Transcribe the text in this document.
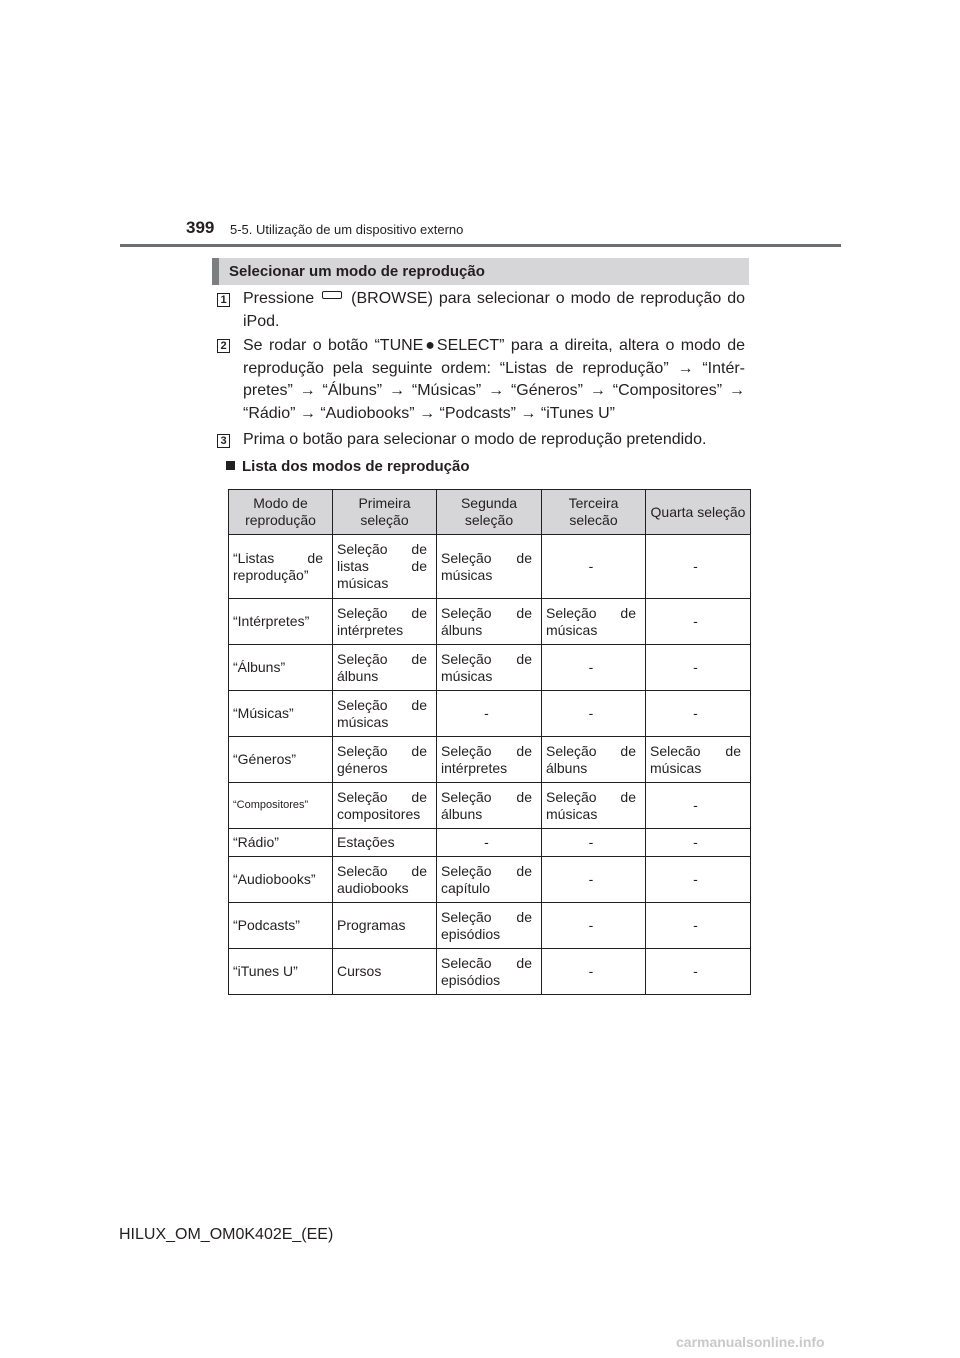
399 5-5. Utilização de um dispositivo externo
Selecionar um modo de reprodução
1 Pressione (BROWSE) para selecionar o modo de reprodução do iPod.
2 Se rodar o botão “TUNE●SELECT” para a direita, altera o modo de reprodução pela seguinte ordem: “Listas de reprodução” → “Intér-pretes” → “Álbuns” → “Músicas” → “Géneros” → “Compositores” → “Rádio” → “Audiobooks” → “Podcasts” → “iTunes U”
3 Prima o botão para selecionar o modo de reprodução pretendido.
Lista dos modos de reprodução
Modo de reprodução	Primeira seleção	Segunda seleção	Terceira selecão	Quarta seleção
“Listas de reprodução”	Seleção de listas de músicas	Seleção de músicas	-	-
“Intérpretes”	Seleção de intérpretes	Seleção de álbuns	Seleção de músicas	-
“Álbuns”	Seleção de álbuns	Seleção de músicas	-	-
“Músicas”	Seleção de músicas	-	-	-
“Géneros”	Seleção de géneros	Seleção de intérpretes	Seleção de álbuns	Selecão de músicas
“Compositores”	Seleção de compositores	Seleção de álbuns	Seleção de músicas	-
“Rádio”	Estações	-	-	-
“Audiobooks”	Selecão de audiobooks	Seleção de capítulo	-	-
“Podcasts”	Programas	Seleção de episódios	-	-
“iTunes U”	Cursos	Selecão de episódios	-	-
HILUX_OM_OM0K402E_(EE)
carmanualsonline.info
